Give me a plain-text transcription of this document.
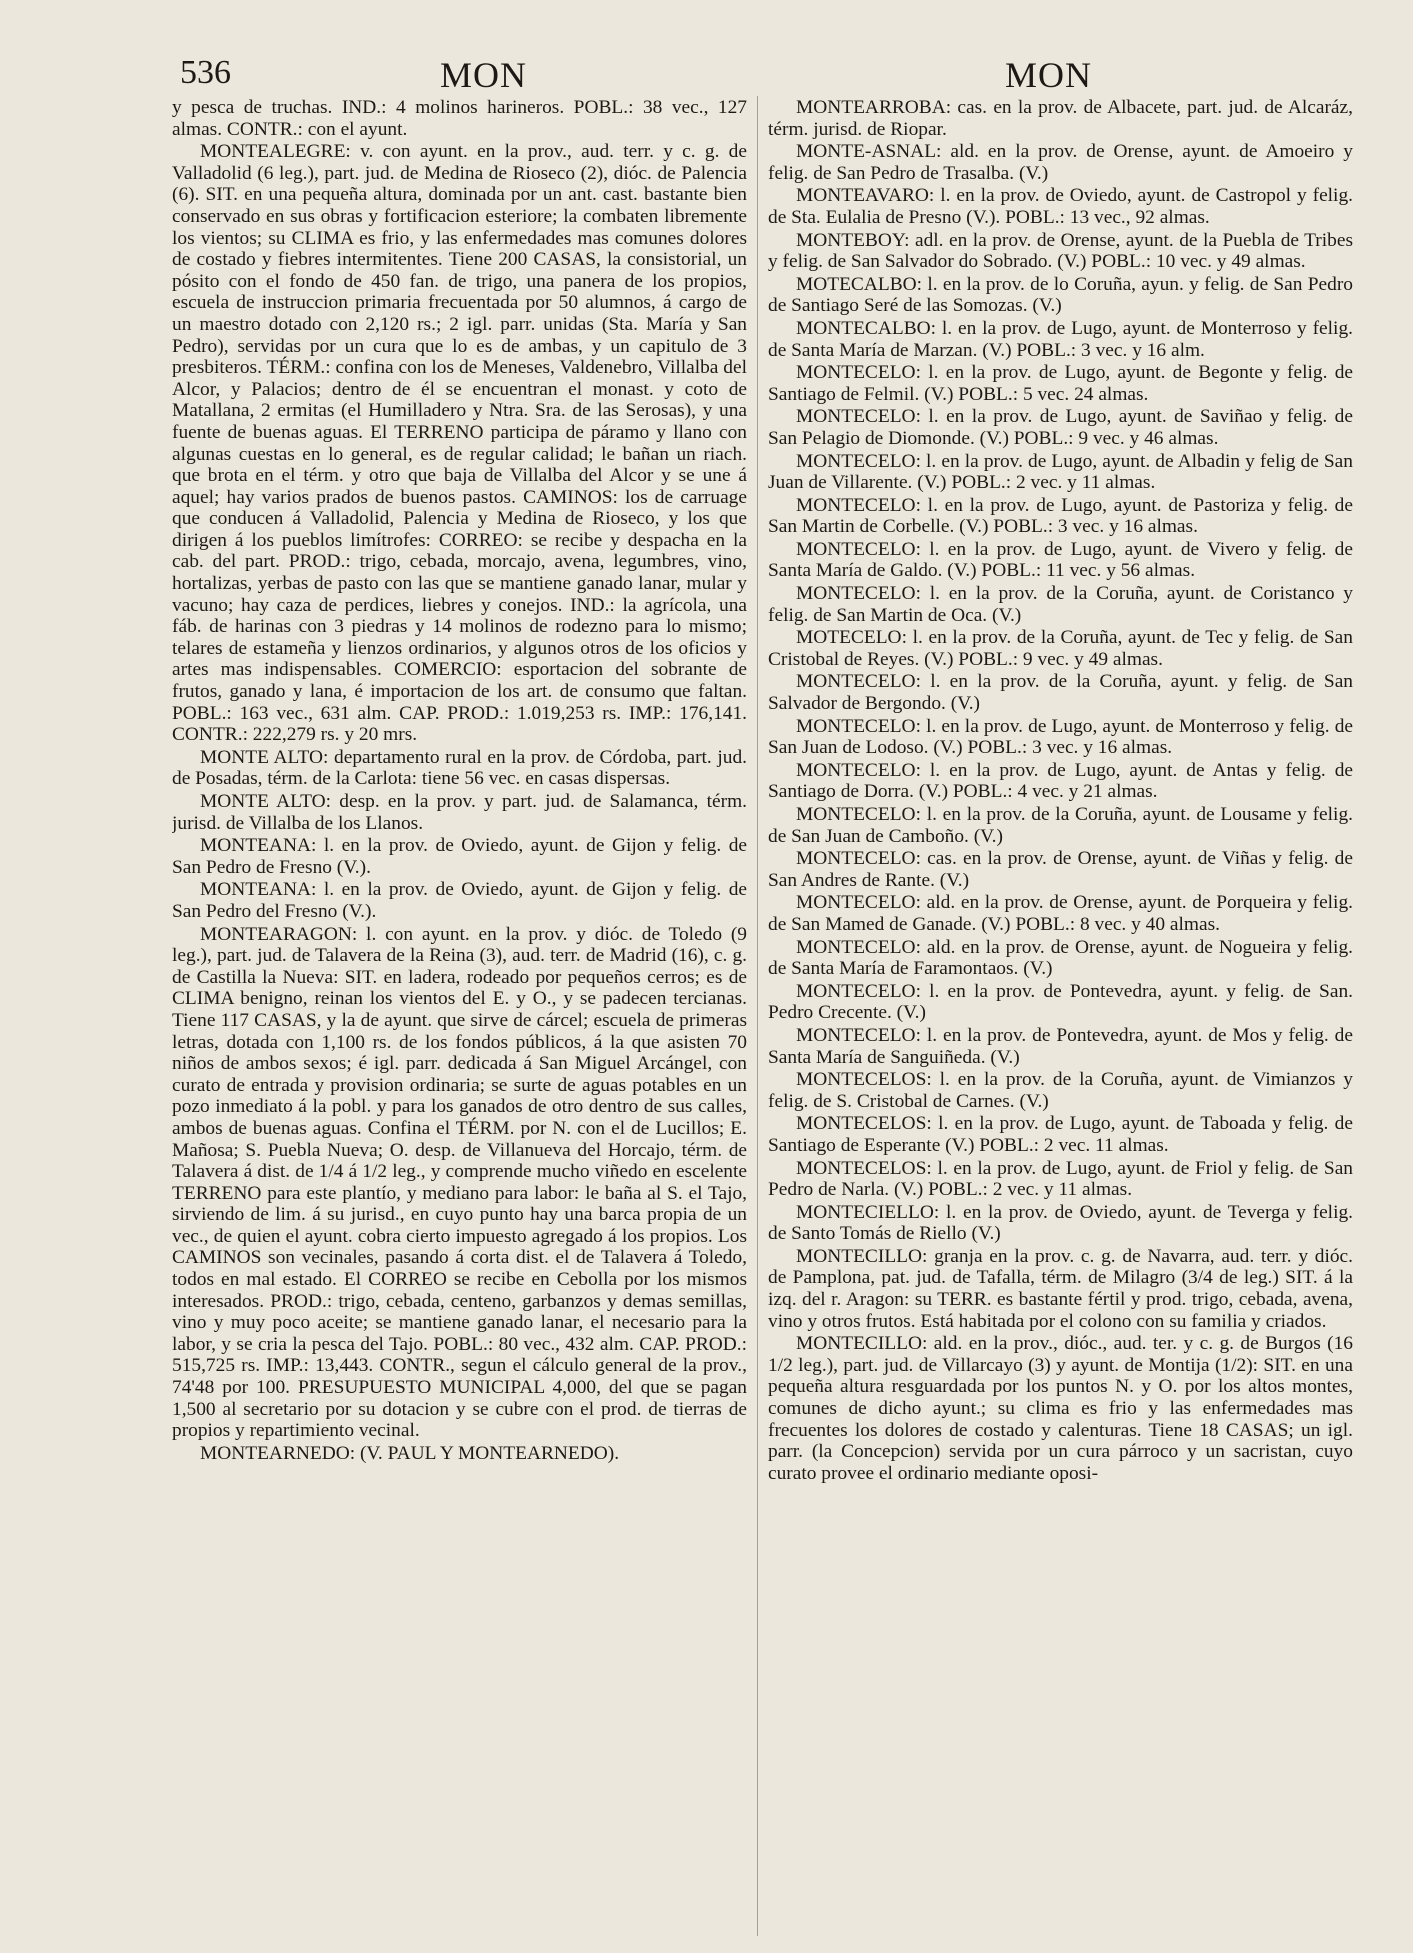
536	MON	MON

y pesca de truchas. IND.: 4 molinos harineros. POBL.: 38 vec., 127 almas. CONTR.: con el ayunt.

MONTEALEGRE: v. con ayunt. en la prov., aud. terr. y c. g. de Valladolid (6 leg.), part. jud. de Medina de Rioseco (2), dióc. de Palencia (6). SIT. en una pequeña altura, dominada por un ant. cast. bastante bien conservado en sus obras y fortificacion esteriore; la combaten libremente los vientos; su CLIMA es frio, y las enfermedades mas comunes dolores de costado y fiebres intermitentes. Tiene 200 CASAS, la consistorial, un pósito con el fondo de 450 fan. de trigo, una panera de los propios, escuela de instruccion primaria frecuentada por 50 alumnos, á cargo de un maestro dotado con 2,120 rs.; 2 igl. parr. unidas (Sta. María y San Pedro), servidas por un cura que lo es de ambas, y un capitulo de 3 presbiteros. TÉRM.: confina con los de Meneses, Valdenebro, Villalba del Alcor, y Palacios; dentro de él se encuentran el monast. y coto de Matallana, 2 ermitas (el Humilladero y Ntra. Sra. de las Serosas), y una fuente de buenas aguas. El TERRENO participa de páramo y llano con algunas cuestas en lo general, es de regular calidad; le bañan un riach. que brota en el térm. y otro que baja de Villalba del Alcor y se une á aquel; hay varios prados de buenos pastos. CAMINOS: los de carruage que conducen á Valladolid, Palencia y Medina de Rioseco, y los que dirigen á los pueblos limítrofes: CORREO: se recibe y despacha en la cab. del part. PROD.: trigo, cebada, morcajo, avena, legumbres, vino, hortalizas, yerbas de pasto con las que se mantiene ganado lanar, mular y vacuno; hay caza de perdices, liebres y conejos. IND.: la agrícola, una fáb. de harinas con 3 piedras y 14 molinos de rodezno para lo mismo; telares de estameña y lienzos ordinarios, y algunos otros de los oficios y artes mas indispensables. COMERCIO: esportacion del sobrante de frutos, ganado y lana, é importacion de los art. de consumo que faltan. POBL.: 163 vec., 631 alm. CAP. PROD.: 1.019,253 rs. IMP.: 176,141. CONTR.: 222,279 rs. y 20 mrs.

MONTE ALTO: departamento rural en la prov. de Córdoba, part. jud. de Posadas, térm. de la Carlota: tiene 56 vec. en casas dispersas.

MONTE ALTO: desp. en la prov. y part. jud. de Salamanca, térm. jurisd. de Villalba de los Llanos.

MONTEANA: l. en la prov. de Oviedo, ayunt. de Gijon y felig. de San Pedro de Fresno (V.).

MONTEANA: l. en la prov. de Oviedo, ayunt. de Gijon y felig. de San Pedro del Fresno (V.).

MONTEARAGON: l. con ayunt. en la prov. y dióc. de Toledo (9 leg.), part. jud. de Talavera de la Reina (3), aud. terr. de Madrid (16), c. g. de Castilla la Nueva: SIT. en ladera, rodeado por pequeños cerros; es de CLIMA benigno, reinan los vientos del E. y O., y se padecen tercianas. Tiene 117 CASAS, y la de ayunt. que sirve de cárcel; escuela de primeras letras, dotada con 1,100 rs. de los fondos públicos, á la que asisten 70 niños de ambos sexos; é igl. parr. dedicada á San Miguel Arcángel, con curato de entrada y provision ordinaria; se surte de aguas potables en un pozo inmediato á la pobl. y para los ganados de otro dentro de sus calles, ambos de buenas aguas. Confina el TÉRM. por N. con el de Lucillos; E. Mañosa; S. Puebla Nueva; O. desp. de Villanueva del Horcajo, térm. de Talavera á dist. de 1/4 á 1/2 leg., y comprende mucho viñedo en escelente TERRENO para este plantío, y mediano para labor: le baña al S. el Tajo, sirviendo de lim. á su jurisd., en cuyo punto hay una barca propia de un vec., de quien el ayunt. cobra cierto impuesto agregado á los propios. Los CAMINOS son vecinales, pasando á corta dist. el de Talavera á Toledo, todos en mal estado. El CORREO se recibe en Cebolla por los mismos interesados. PROD.: trigo, cebada, centeno, garbanzos y demas semillas, vino y muy poco aceite; se mantiene ganado lanar, el necesario para la labor, y se cria la pesca del Tajo. POBL.: 80 vec., 432 alm. CAP. PROD.: 515,725 rs. IMP.: 13,443. CONTR., segun el cálculo general de la prov., 74'48 por 100. PRESUPUESTO MUNICIPAL 4,000, del que se pagan 1,500 al secretario por su dotacion y se cubre con el prod. de tierras de propios y repartimiento vecinal.

MONTEARNEDO: (V. PAUL Y MONTEARNEDO).

MONTEARROBA: cas. en la prov. de Albacete, part. jud. de Alcaráz, térm. jurisd. de Riopar.

MONTE-ASNAL: ald. en la prov. de Orense, ayunt. de Amoeiro y felig. de San Pedro de Trasalba. (V.)

MONTEAVARO: l. en la prov. de Oviedo, ayunt. de Castropol y felig. de Sta. Eulalia de Presno (V.). POBL.: 13 vec., 92 almas.

MONTEBOY: adl. en la prov. de Orense, ayunt. de la Puebla de Tribes y felig. de San Salvador do Sobrado. (V.) POBL.: 10 vec. y 49 almas.

MOTECALBO: l. en la prov. de lo Coruña, ayun. y felig. de San Pedro de Santiago Seré de las Somozas. (V.)

MONTECALBO: l. en la prov. de Lugo, ayunt. de Monterroso y felig. de Santa María de Marzan. (V.) POBL.: 3 vec. y 16 alm.

MONTECELO: l. en la prov. de Lugo, ayunt. de Begonte y felig. de Santiago de Felmil. (V.) POBL.: 5 vec. 24 almas.

MONTECELO: l. en la prov. de Lugo, ayunt. de Saviñao y felig. de San Pelagio de Diomonde. (V.) POBL.: 9 vec. y 46 almas.

MONTECELO: l. en la prov. de Lugo, ayunt. de Albadin y felig de San Juan de Villarente. (V.) POBL.: 2 vec. y 11 almas.

MONTECELO: l. en la prov. de Lugo, ayunt. de Pastoriza y felig. de San Martin de Corbelle. (V.) POBL.: 3 vec. y 16 almas.

MONTECELO: l. en la prov. de Lugo, ayunt. de Vivero y felig. de Santa María de Galdo. (V.) POBL.: 11 vec. y 56 almas.

MONTECELO: l. en la prov. de la Coruña, ayunt. de Coristanco y felig. de San Martin de Oca. (V.)

MOTECELO: l. en la prov. de la Coruña, ayunt. de Tec y felig. de San Cristobal de Reyes. (V.) POBL.: 9 vec. y 49 almas.

MONTECELO: l. en la prov. de la Coruña, ayunt. y felig. de San Salvador de Bergondo. (V.)

MONTECELO: l. en la prov. de Lugo, ayunt. de Monterroso y felig. de San Juan de Lodoso. (V.) POBL.: 3 vec. y 16 almas.

MONTECELO: l. en la prov. de Lugo, ayunt. de Antas y felig. de Santiago de Dorra. (V.) POBL.: 4 vec. y 21 almas.

MONTECELO: l. en la prov. de la Coruña, ayunt. de Lousame y felig. de San Juan de Camboño. (V.)

MONTECELO: cas. en la prov. de Orense, ayunt. de Viñas y felig. de San Andres de Rante. (V.)

MONTECELO: ald. en la prov. de Orense, ayunt. de Porqueira y felig. de San Mamed de Ganade. (V.) POBL.: 8 vec. y 40 almas.

MONTECELO: ald. en la prov. de Orense, ayunt. de Nogueira y felig. de Santa María de Faramontaos. (V.)

MONTECELO: l. en la prov. de Pontevedra, ayunt. y felig. de San. Pedro Crecente. (V.)

MONTECELO: l. en la prov. de Pontevedra, ayunt. de Mos y felig. de Santa María de Sanguiñeda. (V.)

MONTECELOS: l. en la prov. de la Coruña, ayunt. de Vimianzos y felig. de S. Cristobal de Carnes. (V.)

MONTECELOS: l. en la prov. de Lugo, ayunt. de Taboada y felig. de Santiago de Esperante (V.) POBL.: 2 vec. 11 almas.

MONTECELOS: l. en la prov. de Lugo, ayunt. de Friol y felig. de San Pedro de Narla. (V.) POBL.: 2 vec. y 11 almas.

MONTECIELLO: l. en la prov. de Oviedo, ayunt. de Teverga y felig. de Santo Tomás de Riello (V.)

MONTECILLO: granja en la prov. c. g. de Navarra, aud. terr. y dióc. de Pamplona, pat. jud. de Tafalla, térm. de Milagro (3/4 de leg.) SIT. á la izq. del r. Aragon: su TERR. es bastante fértil y prod. trigo, cebada, avena, vino y otros frutos. Está habitada por el colono con su familia y criados.

MONTECILLO: ald. en la prov., dióc., aud. ter. y c. g. de Burgos (16 1/2 leg.), part. jud. de Villarcayo (3) y ayunt. de Montija (1/2): SIT. en una pequeña altura resguardada por los puntos N. y O. por los altos montes, comunes de dicho ayunt.; su clima es frio y las enfermedades mas frecuentes los dolores de costado y calenturas. Tiene 18 CASAS; un igl. parr. (la Concepcion) servida por un cura párroco y un sacristan, cuyo curato provee el ordinario mediante oposi-
